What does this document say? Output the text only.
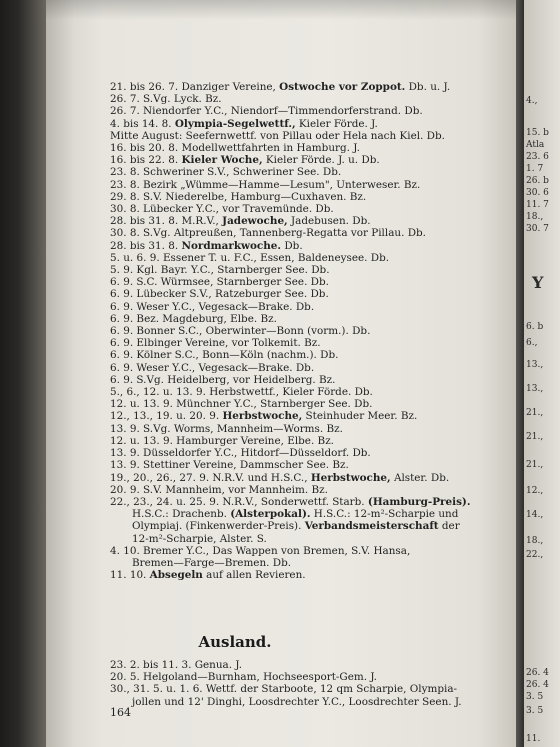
4.,
15. b
Atla
23. 6
1. 7
26. b
30. 6
11. 7
18.,
30. 7
Y
6. b
6.,
13.,
13.,
21.,
21.,
21.,
12.,
14.,
18.,
22.,
26. 4
26. 4
3. 5
3. 5
11.
21. bis 26. 7. Danziger Vereine, Ostwoche vor Zoppot. Db. u. J.
26. 7. S.Vg. Lyck. Bz.
26. 7. Niendorfer Y.C., Niendorf—Timmendorferstrand. Db.
4. bis 14. 8. Olympia-Segelwettf., Kieler Förde. J.
Mitte August: Seefernwettf. von Pillau oder Hela nach Kiel. Db.
16. bis 20. 8. Modellwettfahrten in Hamburg. J.
16. bis 22. 8. Kieler Woche, Kieler Förde. J. u. Db.
23. 8. Schweriner S.V., Schweriner See. Db.
23. 8. Bezirk „Wümme—Hamme—Lesum", Unterweser. Bz.
29. 8. S.V. Niederelbe, Hamburg—Cuxhaven. Bz.
30. 8. Lübecker Y.C., vor Travemünde. Db.
28. bis 31. 8. M.R.V., Jadewoche, Jadebusen. Db.
30. 8. S.Vg. Altpreußen, Tannenberg-Regatta vor Pillau. Db.
28. bis 31. 8. Nordmarkwoche. Db.
5. u. 6. 9. Essener T. u. F.C., Essen, Baldeneysee. Db.
5. 9. Kgl. Bayr. Y.C., Starnberger See. Db.
6. 9. S.C. Würmsee, Starnberger See. Db.
6. 9. Lübecker S.V., Ratzeburger See. Db.
6. 9. Weser Y.C., Vegesack—Brake. Db.
6. 9. Bez. Magdeburg, Elbe. Bz.
6. 9. Bonner S.C., Oberwinter—Bonn (vorm.). Db.
6. 9. Elbinger Vereine, vor Tolkemit. Bz.
6. 9. Kölner S.C., Bonn—Köln (nachm.). Db.
6. 9. Weser Y.C., Vegesack—Brake. Db.
6. 9. S.Vg. Heidelberg, vor Heidelberg. Bz.
5., 6., 12. u. 13. 9. Herbstwettf., Kieler Förde. Db.
12. u. 13. 9. Münchner Y.C., Starnberger See. Db.
12., 13., 19. u. 20. 9. Herbstwoche, Steinhuder Meer. Bz.
13. 9. S.Vg. Worms, Mannheim—Worms. Bz.
12. u. 13. 9. Hamburger Vereine, Elbe. Bz.
13. 9. Düsseldorfer Y.C., Hitdorf—Düsseldorf. Db.
13. 9. Stettiner Vereine, Dammscher See. Bz.
19., 20., 26., 27. 9. N.R.V. und H.S.C., Herbstwoche, Alster. Db.
20. 9. S.V. Mannheim, vor Mannheim. Bz.
22., 23., 24. u. 25. 9. N.R.V., Sonderwettf. Starb. (Hamburg-Preis).
H.S.C.: Drachenb. (Alsterpokal). H.S.C.: 12-m²-Scharpie und
Olympiaj. (Finkenwerder-Preis). Verbandsmeisterschaft der
12-m²-Scharpie, Alster. S.
4. 10. Bremer Y.C., Das Wappen von Bremen, S.V. Hansa,
Bremen—Farge—Bremen. Db.
11. 10. Absegeln auf allen Revieren.
Ausland.
23. 2. bis 11. 3. Genua. J.
20. 5. Helgoland—Burnham, Hochseesport-Gem. J.
30., 31. 5. u. 1. 6. Wettf. der Starboote, 12 qm Scharpie, Olympia-
jollen und 12' Dinghi, Loosdrechter Y.C., Loosdrechter Seen. J.
164
